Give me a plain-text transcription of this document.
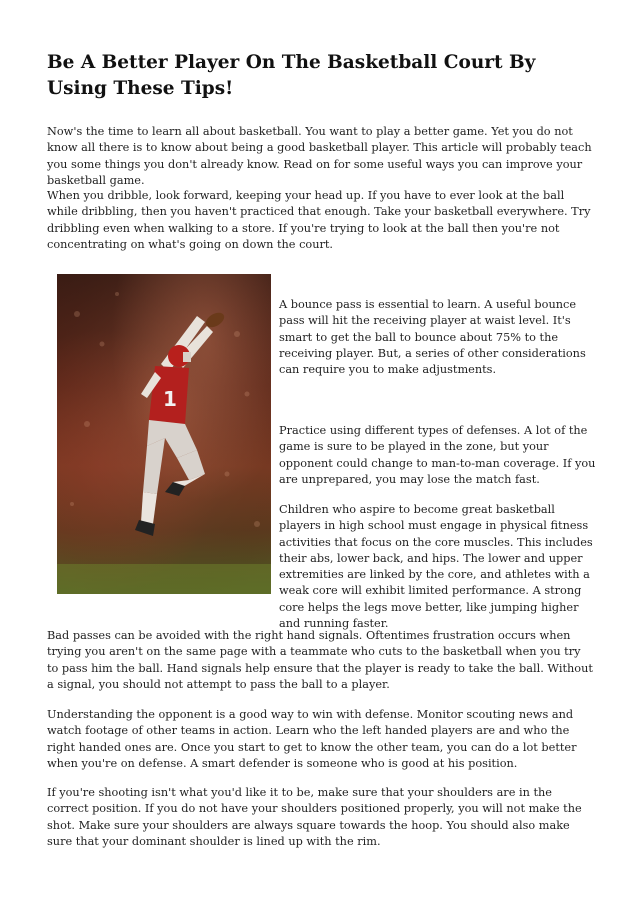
Be A Better Player On The Basketball Court By Using These Tips!

Now's the time to learn all about basketball. You want to play a better game. Yet you do not know all there is to know about being a good basketball player. This article will probably teach you some things you don't already know. Read on for some useful ways you can improve your basketball game.

When you dribble, look forward, keeping your head up. If you have to ever look at the ball while dribbling, then you haven't practiced that enough. Take your basketball everywhere. Try dribbling even when walking to a store. If you're trying to look at the ball then you're not concentrating on what's going on down the court.

1

A bounce pass is essential to learn. A useful bounce pass will hit the receiving player at waist level. It's smart to get the ball to bounce about 75% to the receiving player. But, a series of other considerations can require you to make adjustments.

Practice using different types of defenses. A lot of the game is sure to be played in the zone, but your opponent could change to man-to-man coverage. If you are unprepared, you may lose the match fast.

Children who aspire to become great basketball players in high school must engage in physical fitness activities that focus on the core muscles. This includes their abs, lower back, and hips. The lower and upper extremities are linked by the core, and athletes with a weak core will exhibit limited performance. A strong core helps the legs move better, like jumping higher and running faster.

Bad passes can be avoided with the right hand signals. Oftentimes frustration occurs when trying you aren't on the same page with a teammate who cuts to the basketball when you try to pass him the ball. Hand signals help ensure that the player is ready to take the ball. Without a signal, you should not attempt to pass the ball to a player.

Understanding the opponent is a good way to win with defense. Monitor scouting news and watch footage of other teams in action. Learn who the left handed players are and who the right handed ones are. Once you start to get to know the other team, you can do a lot better when you're on defense. A smart defender is someone who is good at his position.

If you're shooting isn't what you'd like it to be, make sure that your shoulders are in the correct position. If you do not have your shoulders positioned properly, you will not make the shot. Make sure your shoulders are always square towards the hoop. You should also make sure that your dominant shoulder is lined up with the rim.
